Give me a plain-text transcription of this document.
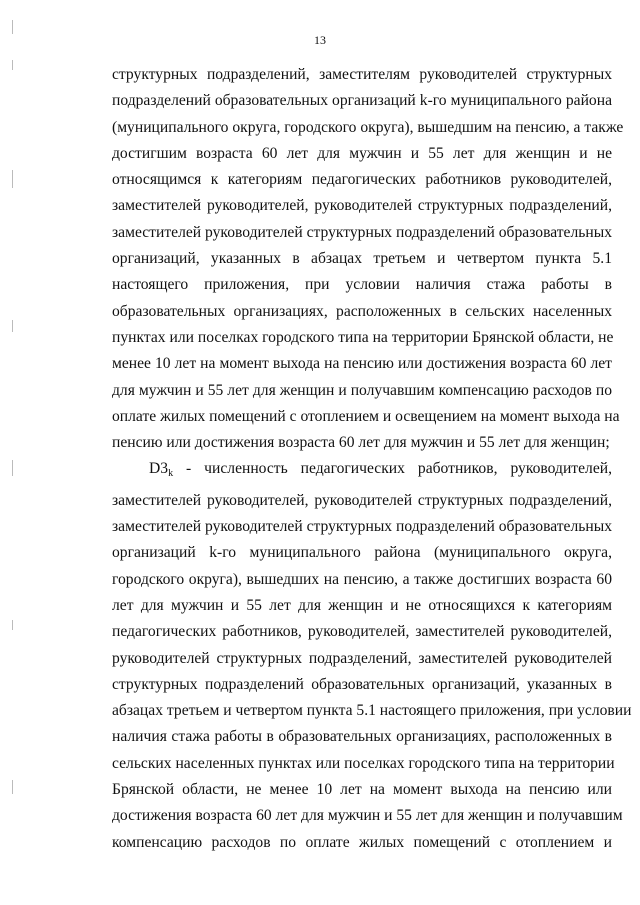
13
структурных подразделений, заместителям руководителей структурных
подразделений образовательных организаций k-го муниципального района
(муниципального округа, городского округа), вышедшим на пенсию, а также
достигшим возраста 60 лет для мужчин и 55 лет для женщин и не
относящимся к категориям педагогических работников руководителей,
заместителей руководителей, руководителей структурных подразделений,
заместителей руководителей структурных подразделений образовательных
организаций, указанных в абзацах третьем и четвертом пункта 5.1
настоящего приложения, при условии наличия стажа работы в
образовательных организациях, расположенных в сельских населенных
пунктах или поселках городского типа на территории Брянской области, не
менее 10 лет на момент выхода на пенсию или достижения возраста 60 лет
для мужчин и 55 лет для женщин и получавшим компенсацию расходов по
оплате жилых помещений с отоплением и освещением на момент выхода на
пенсию или достижения возраста 60 лет для мужчин и 55 лет для женщин;
$D3_k$ - численность педагогических работников, руководителей,
заместителей руководителей, руководителей структурных подразделений,
заместителей руководителей структурных подразделений образовательных
организаций k-го муниципального района (муниципального округа,
городского округа), вышедших на пенсию, а также достигших возраста 60
лет для мужчин и 55 лет для женщин и не относящихся к категориям
педагогических работников, руководителей, заместителей руководителей,
руководителей структурных подразделений, заместителей руководителей
структурных подразделений образовательных организаций, указанных в
абзацах третьем и четвертом пункта 5.1 настоящего приложения, при условии
наличия стажа работы в образовательных организациях, расположенных в
сельских населенных пунктах или поселках городского типа на территории
Брянской области, не менее 10 лет на момент выхода на пенсию или
достижения возраста 60 лет для мужчин и 55 лет для женщин и получавшим
компенсацию расходов по оплате жилых помещений с отоплением и
